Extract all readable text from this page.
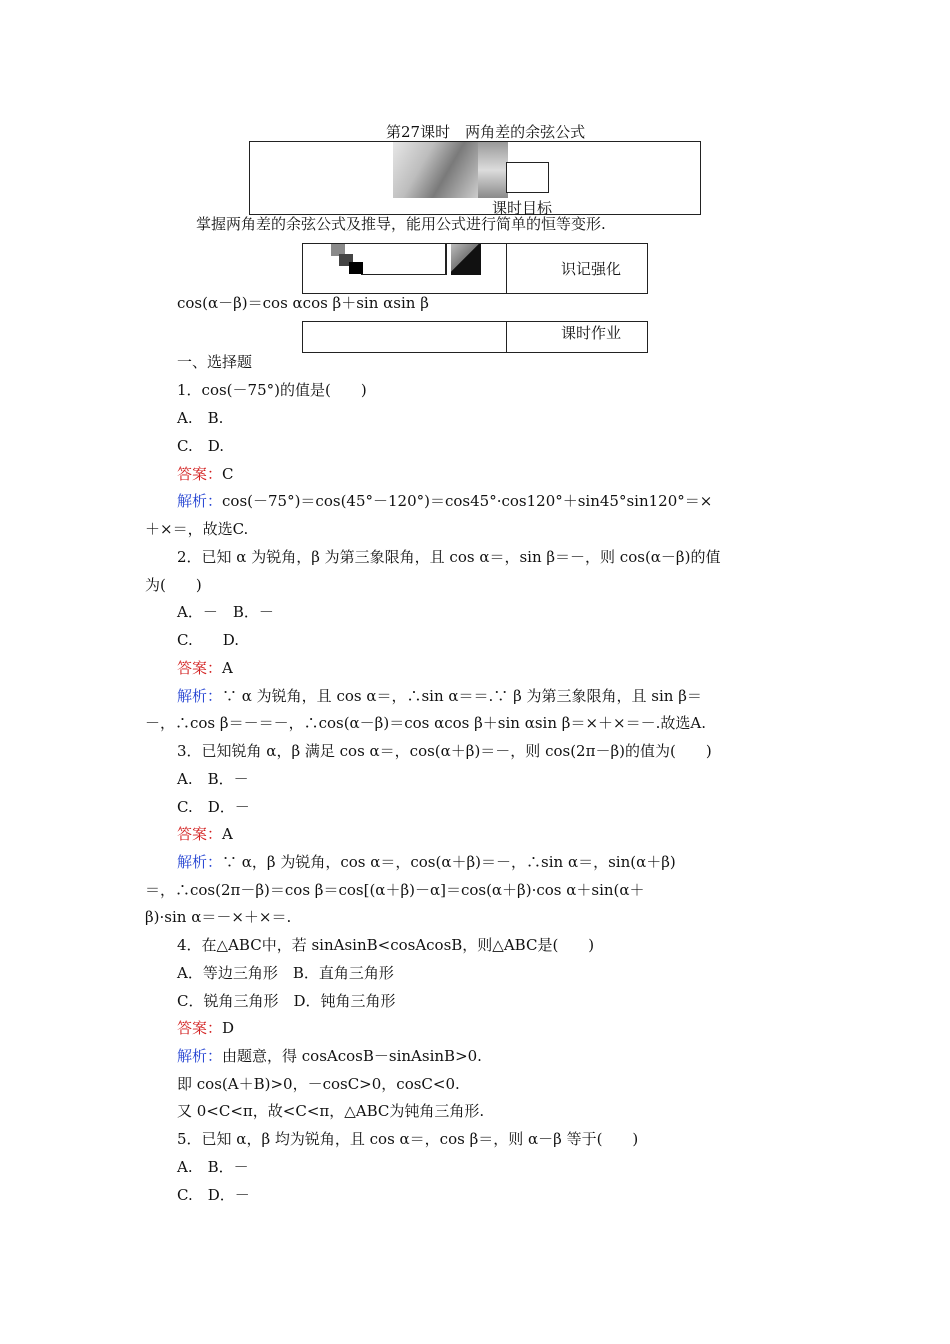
第27课时　两角差的余弦公式
课时目标
掌握两角差的余弦公式及推导，能用公式进行简单的恒等变形.
识记强化
cos(α－β)＝cos αcos β＋sin αsin β
课时作业
一、选择题
1．cos(－75°)的值是(　　)
A.　B.
C.　D.
答案：C
解析：cos(－75°)＝cos(45°－120°)＝cos45°·cos120°＋sin45°sin120°＝×
＋×＝，故选C.
2．已知 α 为锐角，β 为第三象限角，且 cos α＝，sin β＝－，则 cos(α－β)的值
为(　　)
A．－　B．－
C.　　D.
答案：A
解析：∵ α 为锐角，且 cos α＝，∴sin α＝＝.∵ β 为第三象限角，且 sin β＝
－，∴cos β＝－＝－，∴cos(α－β)＝cos αcos β＋sin αsin β＝×＋×＝－.故选A.
3．已知锐角 α，β 满足 cos α＝，cos(α＋β)＝－，则 cos(2π－β)的值为(　　)
A.　B．－
C.　D．－
答案：A
解析：∵ α，β 为锐角，cos α＝，cos(α＋β)＝－，∴sin α＝，sin(α＋β)
＝，∴cos(2π－β)＝cos β＝cos[(α＋β)－α]＝cos(α＋β)·cos α＋sin(α＋
β)·sin α＝－×＋×＝.
4．在△ABC中，若 sinAsinB<cosAcosB，则△ABC是(　　)
A．等边三角形　B．直角三角形
C．锐角三角形　D．钝角三角形
答案：D
解析：由题意，得 cosAcosB－sinAsinB>0.
即 cos(A＋B)>0，－cosC>0，cosC<0.
又 0<C<π，故<C<π，△ABC为钝角三角形.
5．已知 α，β 均为锐角，且 cos α＝，cos β＝，则 α－β 等于(　　)
A.　B．－
C.　D．－
